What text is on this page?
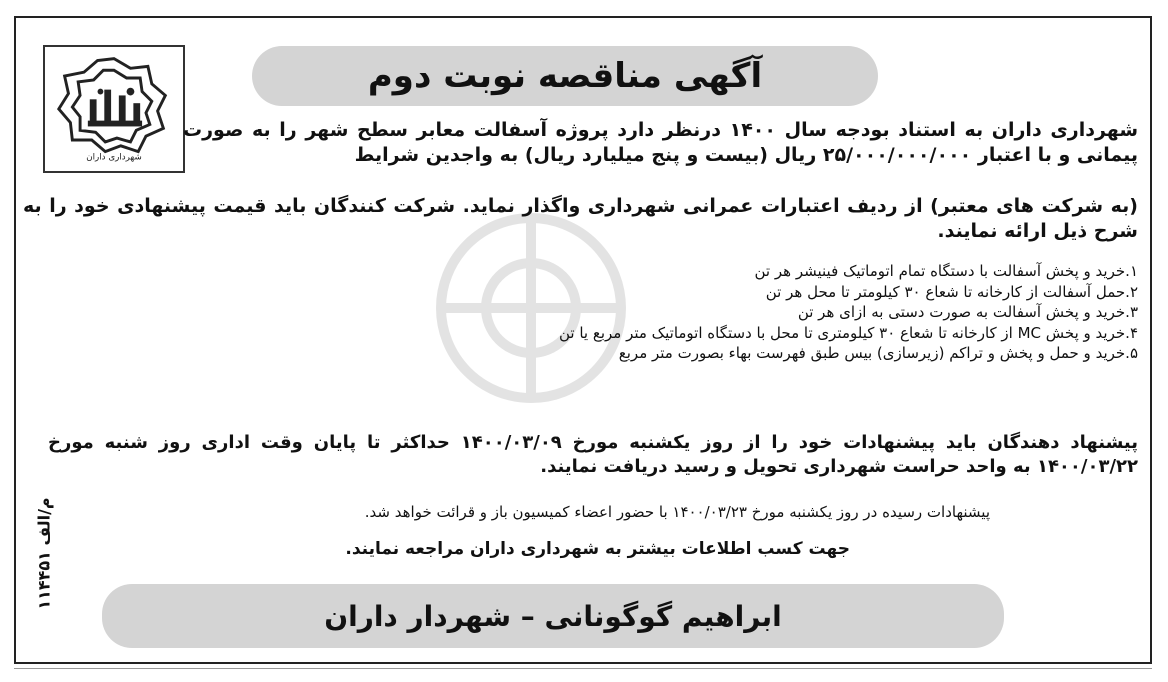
شهرداری داران
آگهی مناقصه نوبت دوم
شهرداری داران به استناد بودجه سال ۱۴۰۰ درنظر دارد پروژه آسفالت معابر سطح شهر را به صورت پیمانی و با اعتبار ۲۵/۰۰۰/۰۰۰/۰۰۰ ریال (بیست و پنج میلیارد ریال) به واجدین شرایط
(به شرکت های معتبر) از ردیف اعتبارات عمرانی شهرداری واگذار نماید. شرکت کنندگان باید قیمت پیشنهادی خود را به شرح ذیل ارائه نمایند.
۱.خرید و پخش آسفالت با دستگاه تمام اتوماتیک فینیشر هر تن
۲.حمل آسفالت از کارخانه تا شعاع ۳۰ کیلومتر تا محل هر تن
۳.خرید و پخش آسفالت به صورت دستی به ازای هر تن
۴.خرید و پخش MC از کارخانه تا شعاع ۳۰ کیلومتری تا محل با دستگاه اتوماتیک متر مربع یا تن
۵.خرید و حمل و پخش و تراکم (زیرسازی) بیس طبق فهرست بهاء بصورت متر مربع
پیشنهاد دهندگان باید پیشنهادات خود را از روز یکشنبه مورخ ۱۴۰۰/۰۳/۰۹ حداکثر تا پایان وقت اداری روز شنبه مورخ ۱۴۰۰/۰۳/۲۲ به واحد حراست شهرداری تحویل و رسید دریافت نمایند.
پیشنهادات رسیده در روز یکشنبه مورخ ۱۴۰۰/۰۳/۲۳ با حضور اعضاء کمیسیون باز و قرائت خواهد شد.
جهت کسب اطلاعات بیشتر به شهرداری داران مراجعه نمایند.
م/الف ۱۱۴۴۵۱
ابراهیم گوگونانی – شهردار داران
